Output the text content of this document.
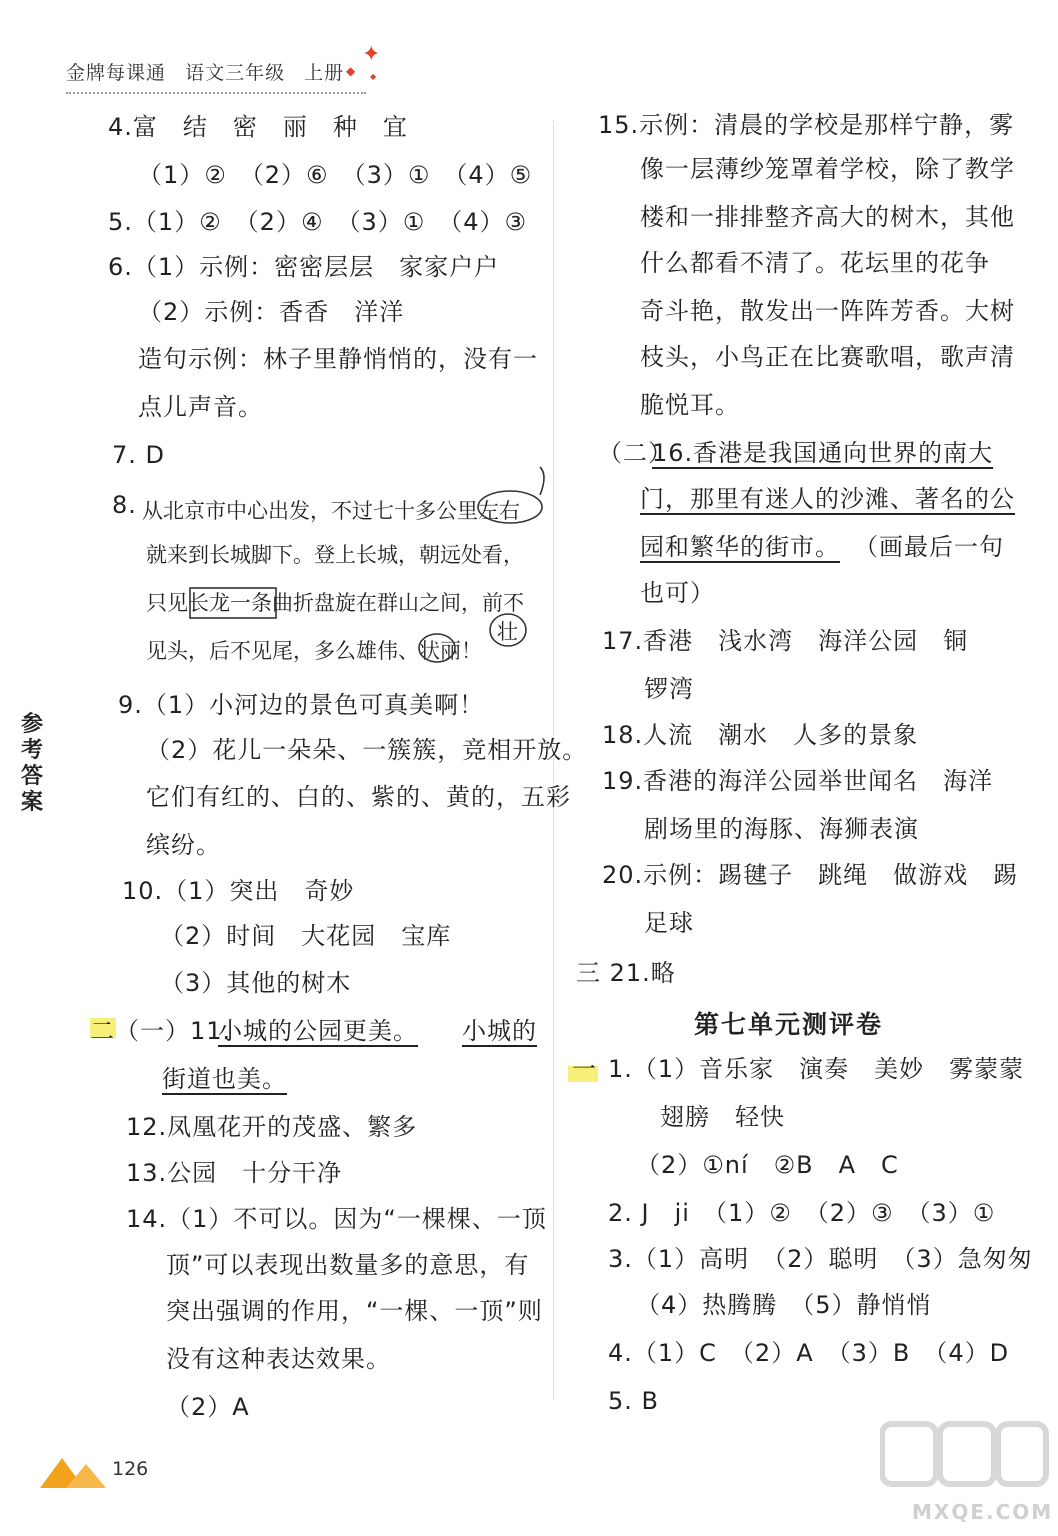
金牌每课通 语文三年级 上册
✦
◆ ◆
4.富　结　密　丽　种　宜
（1）②　（2）⑥　（3）①　（4）⑤
5.（1）②　（2）④　（3）①　（4）③
6.（1）示例：密密层层　家家户户
（2）示例：香香　洋洋
造句示例：林子里静悄悄的，没有一
点儿声音。
7. D
8. 从北京市中心出发，不过七十多公里左右
就来到长城脚下。登上长城，朝远处看，
只见长龙一条曲折盘旋在群山之间，前不
见头，后不见尾，多么雄伟、状丽！
壮
9.（1）小河边的景色可真美啊！
（2）花儿一朵朵、一簇簇，竞相开放。
它们有红的、白的、紫的、黄的，五彩
缤纷。
10.（1）突出　奇妙
（2）时间　大花园　宝库
（3）其他的树木
二（一）11.
小城的公园更美。 小城的
街道也美。
12.凤凰花开的茂盛、繁多
13.公园　十分干净
14.（1）不可以。因为“一棵棵、一顶
顶”可以表现出数量多的意思，有
突出强调的作用，“一棵、一顶”则
没有这种表达效果。
（2）A
15.示例：清晨的学校是那样宁静，雾
像一层薄纱笼罩着学校，除了教学
楼和一排排整齐高大的树木，其他
什么都看不清了。花坛里的花争
奇斗艳，散发出一阵阵芳香。大树
枝头，小鸟正在比赛歌唱，歌声清
脆悦耳。
（二）
16.香港是我国通向世界的南大
门，那里有迷人的沙滩、著名的公
园和繁华的街市。 （画最后一句
也可）
17.香港　浅水湾　海洋公园　铜
锣湾
18.人流　潮水　人多的景象
19.香港的海洋公园举世闻名　海洋
剧场里的海豚、海狮表演
20.示例：踢毽子　跳绳　做游戏　踢
足球
三 21.略
第七单元测评卷
一 1.（1）音乐家　演奏　美妙　雾蒙蒙
翅膀　轻快
（2）①ní　②B　A　C
2. J　ji　（1）②　（2）③　（3）①
3.（1）高明　（2）聪明　（3）急匆匆
（4）热腾腾　（5）静悄悄
4.（1）C　（2）A　（3）B　（4）D
5. B
参考答案
126
MXQE.COM
